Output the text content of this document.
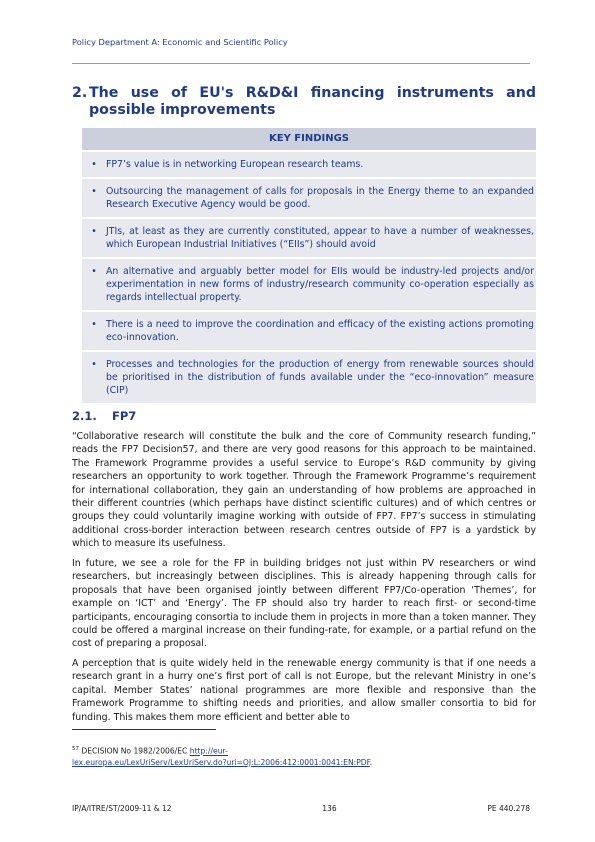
Policy Department A: Economic and Scientific Policy
2. The use of EU's R&D&I financing instruments and
possible improvements
KEY FINDINGS
• FP7’s value is in networking European research teams.
• Outsourcing the management of calls for proposals in the Energy theme to an expanded Research Executive Agency would be good.
• JTIs, at least as they are currently constituted, appear to have a number of weaknesses, which European Industrial Initiatives (“EIIs”) should avoid
• An alternative and arguably better model for EIIs would be industry-led projects and/or experimentation in new forms of industry/research community co-operation especially as regards intellectual property.
• There is a need to improve the coordination and efficacy of the existing actions promoting eco-innovation.
• Processes and technologies for the production of energy from renewable sources should be prioritised in the distribution of funds available under the “eco-innovation” measure (CIP)
2.1. FP7

“Collaborative research will constitute the bulk and the core of Community research funding,” reads the FP7 Decision57, and there are very good reasons for this approach to be maintained. The Framework Programme provides a useful service to Europe’s R&D community by giving researchers an opportunity to work together. Through the Framework Programme’s requirement for international collaboration, they gain an understanding of how problems are approached in their different countries (which perhaps have distinct scientific cultures) and of which centres or groups they could voluntarily imagine working with outside of FP7. FP7’s success in stimulating additional cross-border interaction between research centres outside of FP7 is a yardstick by which to measure its usefulness.

In future, we see a role for the FP in building bridges not just within PV researchers or wind researchers, but increasingly between disciplines. This is already happening through calls for proposals that have been organised jointly between different FP7/Co-operation ‘Themes’, for example on ‘ICT’ and ‘Energy’. The FP should also try harder to reach first- or second-time participants, encouraging consortia to include them in projects in more than a token manner. They could be offered a marginal increase on their funding-rate, for example, or a partial refund on the cost of preparing a proposal.

A perception that is quite widely held in the renewable energy community is that if one needs a research grant in a hurry one’s first port of call is not Europe, but the relevant Ministry in one’s capital. Member States’ national programmes are more flexible and responsive than the Framework Programme to shifting needs and priorities, and allow smaller consortia to bid for funding. This makes them more efficient and better able to

$^{57}$ DECISION No 1982/2006/EC http://eur-
lex.europa.eu/LexUriServ/LexUriServ.do?uri=OJ:L:2006:412:0001:0041:EN:PDF.
IP/A/ITRE/ST/2009-11 & 12	136	PE 440.278
